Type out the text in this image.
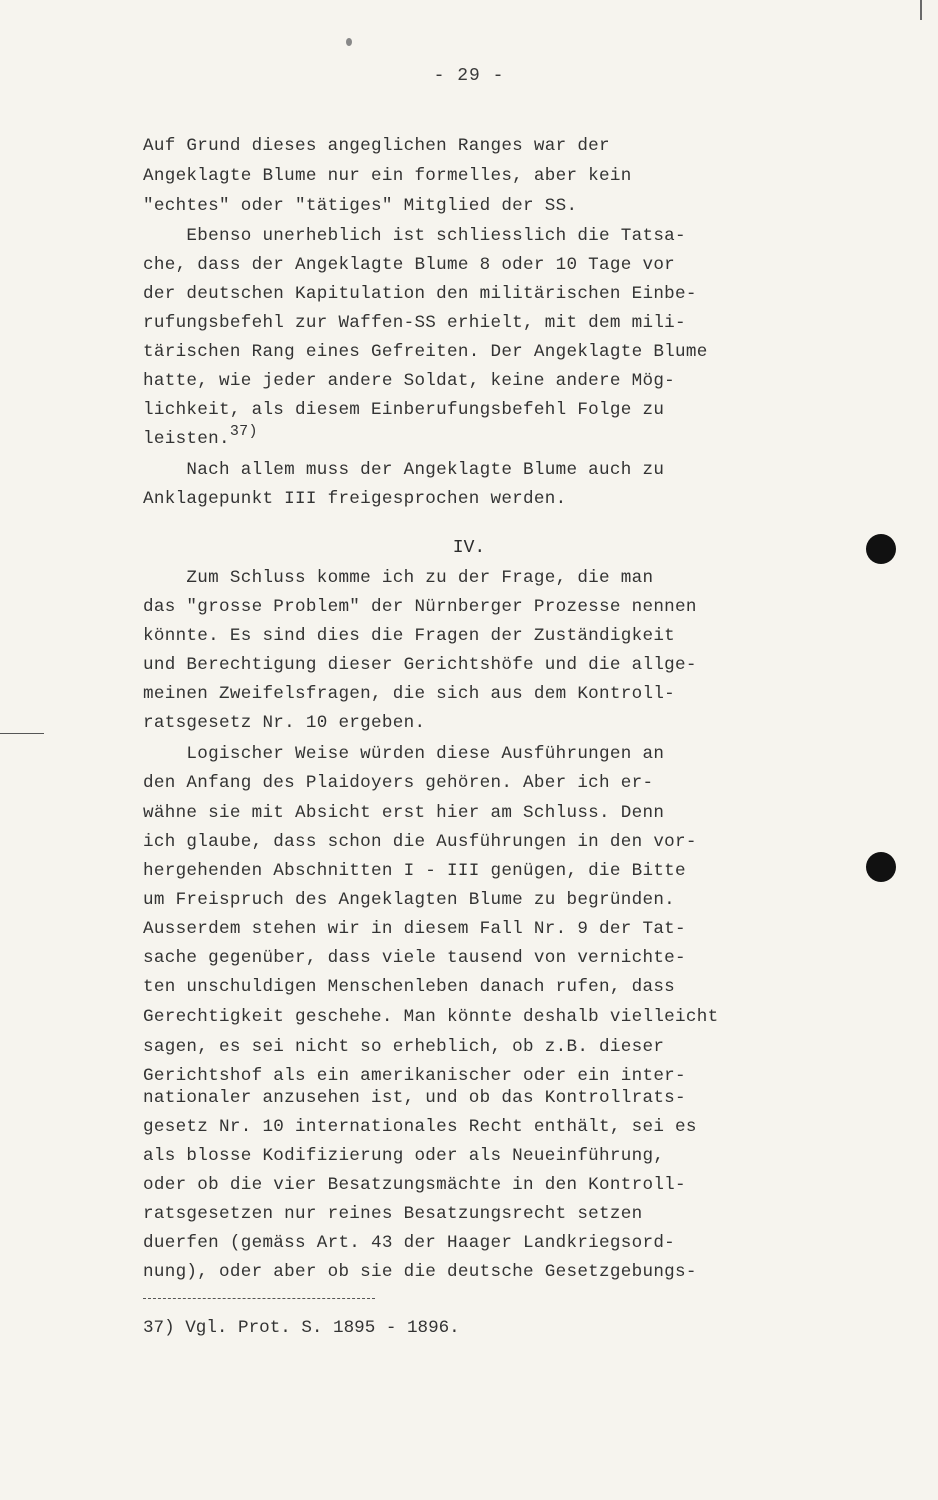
- 29 -
Auf Grund dieses angeglichen Ranges war der
Angeklagte Blume nur ein formelles, aber kein
"echtes" oder "tätiges" Mitglied der SS.
Ebenso unerheblich ist schliesslich die Tatsa-
che, dass der Angeklagte Blume 8 oder 10 Tage vor
der deutschen Kapitulation den militärischen Einbe-
rufungsbefehl zur Waffen-SS erhielt, mit dem mili-
tärischen Rang eines Gefreiten. Der Angeklagte Blume
hatte, wie jeder andere Soldat, keine andere Mög-
lichkeit, als diesem Einberufungsbefehl Folge zu
leisten.37)
Nach allem muss der Angeklagte Blume auch zu
Anklagepunkt III freigesprochen werden.
IV.
Zum Schluss komme ich zu der Frage, die man
das "grosse Problem" der Nürnberger Prozesse nennen
könnte. Es sind dies die Fragen der Zuständigkeit
und Berechtigung dieser Gerichtshöfe und die allge-
meinen Zweifelsfragen, die sich aus dem Kontroll-
ratsgesetz Nr. 10 ergeben.
Logischer Weise würden diese Ausführungen an
den Anfang des Plaidoyers gehören. Aber ich er-
wähne sie mit Absicht erst hier am Schluss. Denn
ich glaube, dass schon die Ausführungen in den vor-
hergehenden Abschnitten I - III genügen, die Bitte
um Freispruch des Angeklagten Blume zu begründen.
Ausserdem stehen wir in diesem Fall Nr. 9 der Tat-
sache gegenüber, dass viele tausend von vernichte-
ten unschuldigen Menschenleben danach rufen, dass
Gerechtigkeit geschehe. Man könnte deshalb vielleicht
sagen, es sei nicht so erheblich, ob z.B. dieser
Gerichtshof als ein amerikanischer oder ein inter-
nationaler anzusehen ist, und ob das Kontrollrats-
gesetz Nr. 10 internationales Recht enthält, sei es
als blosse Kodifizierung oder als Neueinführung,
oder ob die vier Besatzungsmächte in den Kontroll-
ratsgesetzen nur reines Besatzungsrecht setzen
duerfen (gemäss Art. 43 der Haager Landkriegsord-
nung), oder aber ob sie die deutsche Gesetzgebungs-
37) Vgl. Prot. S. 1895 - 1896.
